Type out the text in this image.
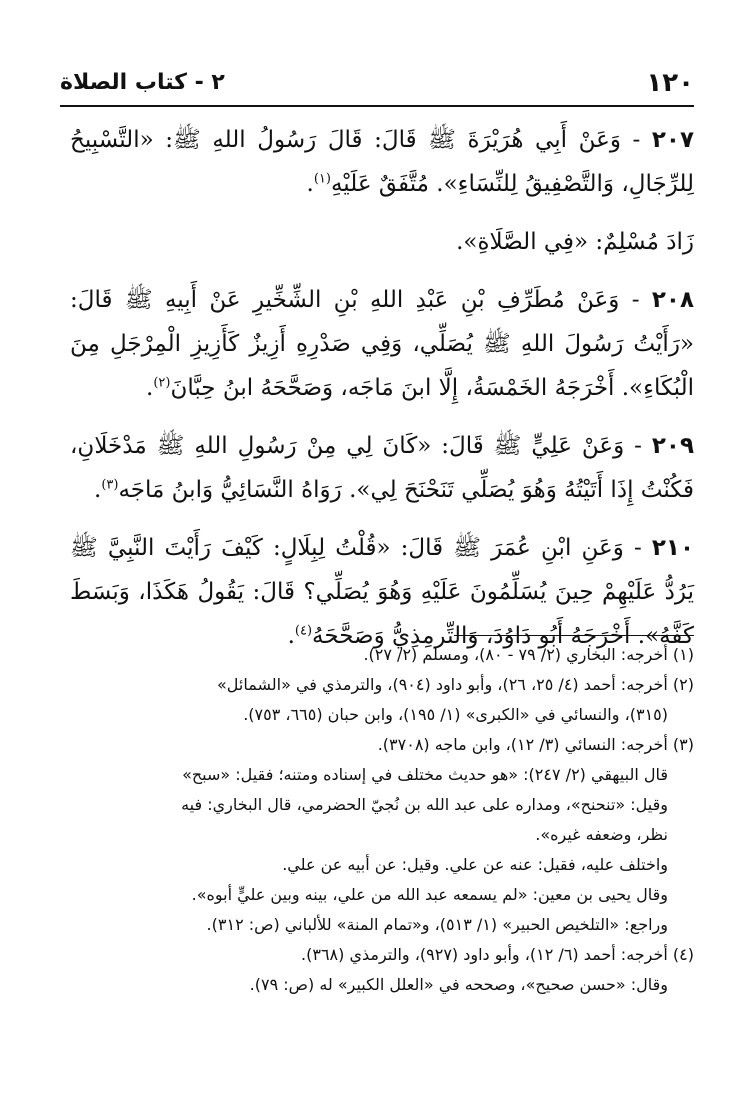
١٢٠
٢ - كتاب الصلاة

٢٠٧ - وَعَنْ أَبِي هُرَيْرَةَ ﷺ قَالَ: قَالَ رَسُولُ اللهِ ﷺ: «التَّسْبِيحُ لِلرِّجَالِ، وَالتَّصْفِيقُ لِلنِّسَاءِ». مُتَّفَقٌ عَلَيْهِ$^{(١)}$.

زَادَ مُسْلِمٌ: «فِي الصَّلَاةِ».

٢٠٨ - وَعَنْ مُطَرِّفِ بْنِ عَبْدِ اللهِ بْنِ الشِّخِّيرِ عَنْ أَبِيهِ ﷺ قَالَ: «رَأَيْتُ رَسُولَ اللهِ ﷺ يُصَلِّي، وَفِي صَدْرِهِ أَزِيزٌ كَأَزِيزِ الْمِرْجَلِ مِنَ الْبُكَاءِ». أَخْرَجَهُ الخَمْسَةُ، إِلَّا ابنَ مَاجَه، وَصَحَّحَهُ ابنُ حِبَّانَ$^{(٢)}$.

٢٠٩ - وَعَنْ عَلِيٍّ ﷺ قَالَ: «كَانَ لِي مِنْ رَسُولِ اللهِ ﷺ مَدْخَلَانِ، فَكُنْتُ إِذَا أَتَيْتُهُ وَهُوَ يُصَلِّي تَنَحْنَحَ لِي». رَوَاهُ النَّسَائِيُّ وَابنُ مَاجَه$^{(٣)}$.

٢١٠ - وَعَنِ ابْنِ عُمَرَ ﷺ قَالَ: «قُلْتُ لِبِلَالٍ: كَيْفَ رَأَيْتَ النَّبِيَّ ﷺ يَرُدُّ عَلَيْهِمْ حِينَ يُسَلِّمُونَ عَلَيْهِ وَهُوَ يُصَلِّي؟ قَالَ: يَقُولُ هَكَذَا، وَبَسَطَ كَفَّهُ». أَخْرَجَهُ أَبُو دَاوُدَ، وَالتِّرمِذِيُّ وَصَحَّحَهُ$^{(٤)}$.

(١) أخرجه: البخاري (٢/ ٧٩ - ٨٠)، ومسلم (٢/ ٢٧).

(٢) أخرجه: أحمد (٤/ ٢٥، ٢٦)، وأبو داود (٩٠٤)، والترمذي في «الشمائل»

(٣١٥)، والنسائي في «الكبرى» (١/ ١٩٥)، وابن حبان (٦٦٥، ٧٥٣).

(٣) أخرجه: النسائي (٣/ ١٢)، وابن ماجه (٣٧٠٨).

قال البيهقي (٢/ ٢٤٧): «هو حديث مختلف في إسناده ومتنه؛ فقيل: «سبح»

وقيل: «تنحنح»، ومداره على عبد الله بن نُجيّ الحضرمي، قال البخاري: فيه

نظر، وضعفه غيره».

واختلف عليه، فقيل: عنه عن علي. وقيل: عن أبيه عن علي.

وقال يحيى بن معين: «لم يسمعه عبد الله من علي، بينه وبين عليٍّ أبوه».

وراجع: «التلخيص الحبير» (١/ ٥١٣)، و«تمام المنة» للألباني (ص: ٣١٢).

(٤) أخرجه: أحمد (٦/ ١٢)، وأبو داود (٩٢٧)، والترمذي (٣٦٨).

وقال: «حسن صحيح»، وصححه في «العلل الكبير» له (ص: ٧٩).
